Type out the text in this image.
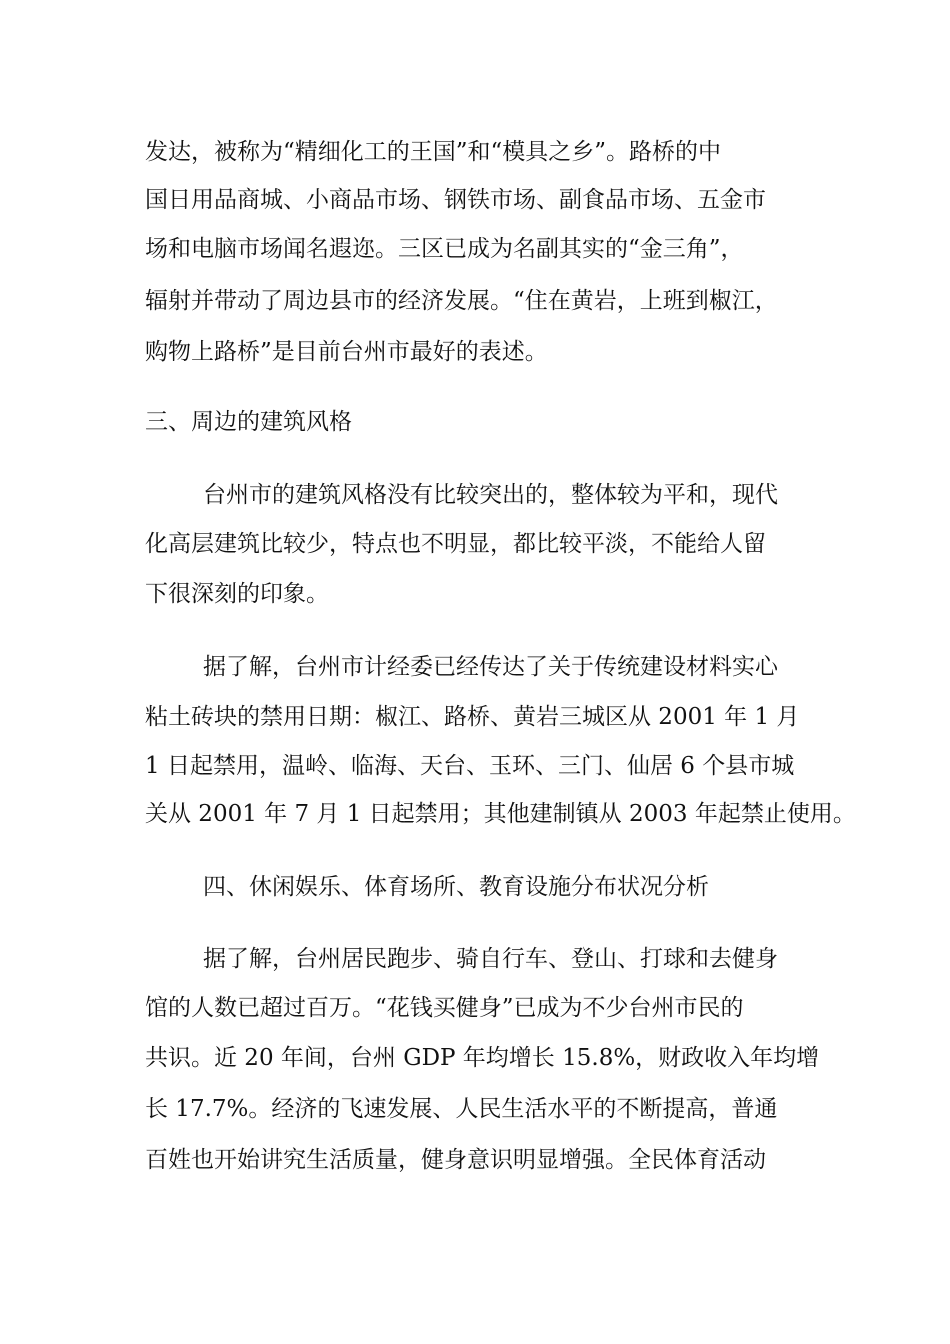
发达，被称为“精细化工的王国”和“模具之乡”。路桥的中

国日用品商城、小商品市场、钢铁市场、副食品市场、五金市

场和电脑市场闻名遐迩。三区已成为名副其实的“金三角”，

辐射并带动了周边县市的经济发展。“住在黄岩，上班到椒江，

购物上路桥”是目前台州市最好的表述。

三、周边的建筑风格

台州市的建筑风格没有比较突出的，整体较为平和，现代

化高层建筑比较少，特点也不明显，都比较平淡，不能给人留

下很深刻的印象。

据了解，台州市计经委已经传达了关于传统建设材料实心

粘土砖块的禁用日期：椒江、路桥、黄岩三城区从 2001 年 1 月

1 日起禁用，温岭、临海、天台、玉环、三门、仙居 6 个县市城

关从 2001 年 7 月 1 日起禁用；其他建制镇从 2003 年起禁止使用。

四、休闲娱乐、体育场所、教育设施分布状况分析

据了解，台州居民跑步、骑自行车、登山、打球和去健身

馆的人数已超过百万。“花钱买健身”已成为不少台州市民的

共识。近 20 年间，台州 GDP 年均增长 15.8%，财政收入年均增

长 17.7%。经济的飞速发展、人民生活水平的不断提高，普通

百姓也开始讲究生活质量，健身意识明显增强。全民体育活动
